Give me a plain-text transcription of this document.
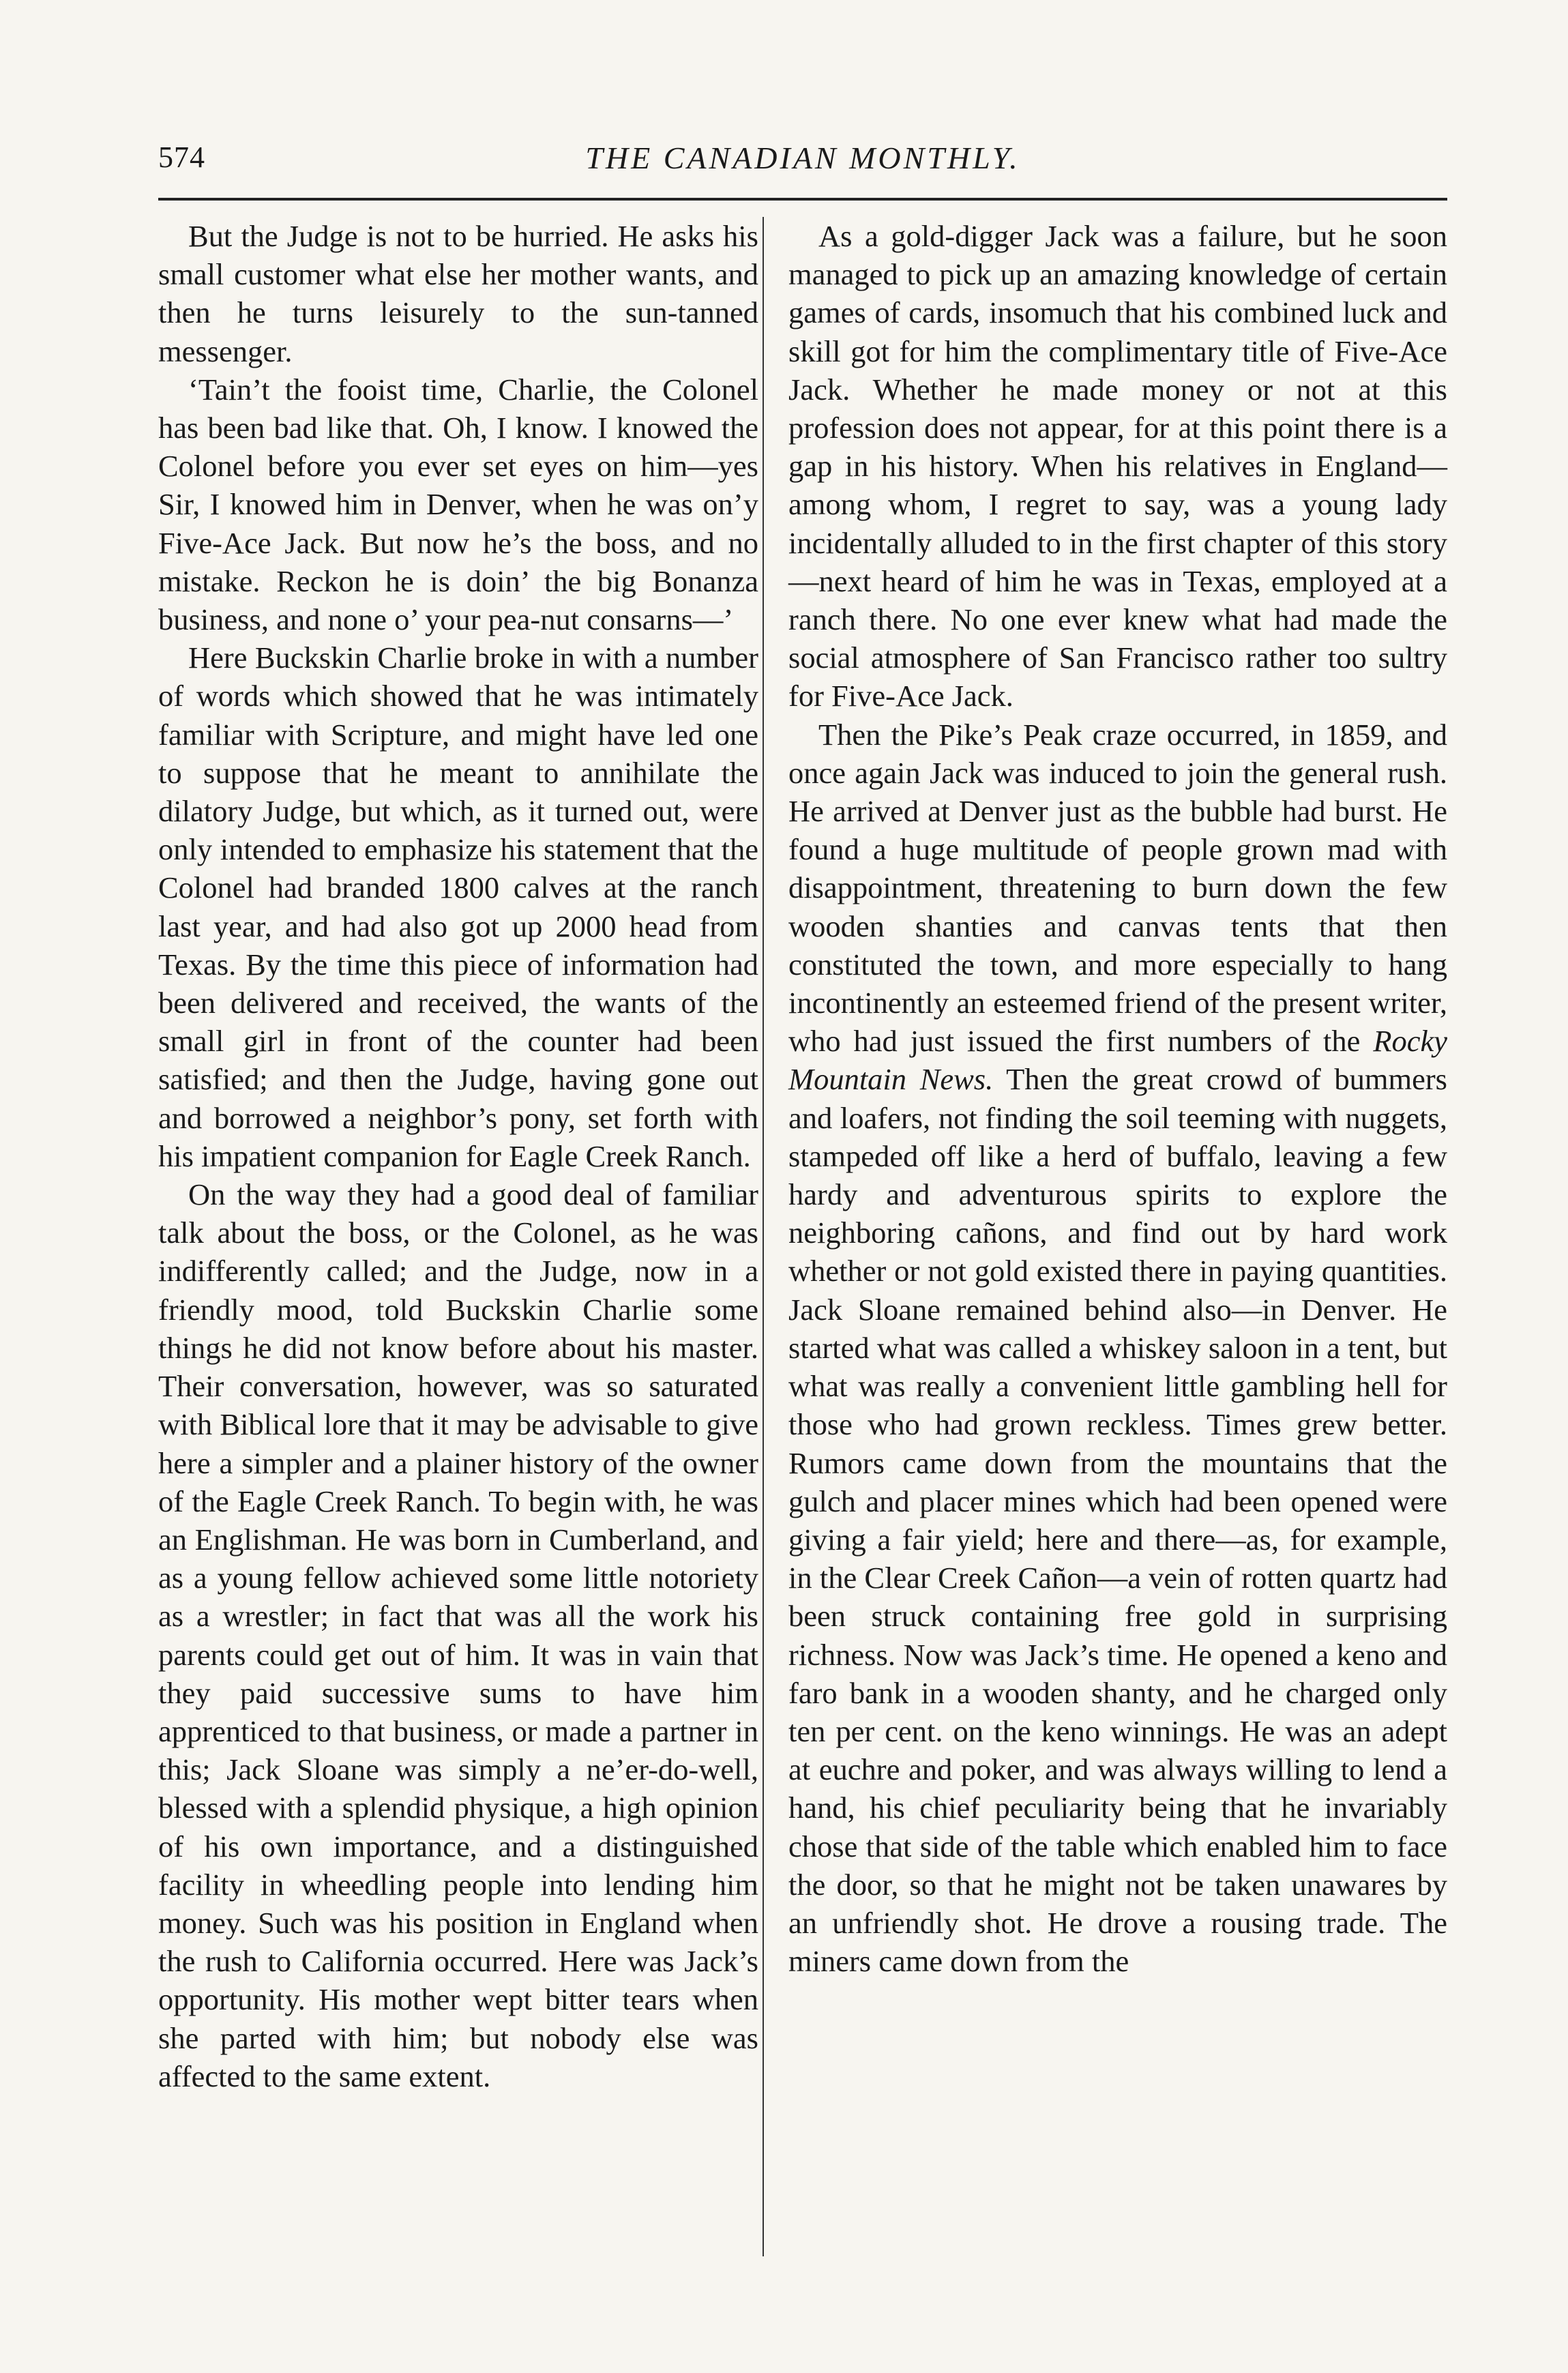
574	THE CANADIAN MONTHLY.

But the Judge is not to be hurried. He asks his small customer what else her mother wants, and then he turns leisurely to the sun-tanned messenger.

‘Tain’t the fooist time, Charlie, the Colonel has been bad like that. Oh, I know. I knowed the Colonel before you ever set eyes on him—yes Sir, I knowed him in Denver, when he was on’y Five-Ace Jack. But now he’s the boss, and no mistake. Reckon he is doin’ the big Bonanza business, and none o’ your pea-nut consarns—’

Here Buckskin Charlie broke in with a number of words which showed that he was intimately familiar with Scripture, and might have led one to suppose that he meant to annihilate the dilatory Judge, but which, as it turned out, were only intended to emphasize his statement that the Colonel had branded 1800 calves at the ranch last year, and had also got up 2000 head from Texas. By the time this piece of information had been delivered and received, the wants of the small girl in front of the counter had been satisfied; and then the Judge, having gone out and borrowed a neighbor’s pony, set forth with his impatient companion for Eagle Creek Ranch.

On the way they had a good deal of familiar talk about the boss, or the Colonel, as he was indifferently called; and the Judge, now in a friendly mood, told Buckskin Charlie some things he did not know before about his master. Their conversation, however, was so saturated with Biblical lore that it may be advisable to give here a simpler and a plainer history of the owner of the Eagle Creek Ranch. To begin with, he was an Englishman. He was born in Cumberland, and as a young fellow achieved some little notoriety as a wrestler; in fact that was all the work his parents could get out of him. It was in vain that they paid successive sums to have him apprenticed to that business, or made a partner in this; Jack Sloane was simply a ne’er-do-well, blessed with a splendid physique, a high opinion of his own importance, and a distinguished facility in wheedling people into lending him money. Such was his position in England when the rush to California occurred. Here was Jack’s opportunity. His mother wept bitter tears when she parted with him; but nobody else was affected to the same extent.

As a gold-digger Jack was a failure, but he soon managed to pick up an amazing knowledge of certain games of cards, insomuch that his combined luck and skill got for him the complimentary title of Five-Ace Jack. Whether he made money or not at this profession does not appear, for at this point there is a gap in his history. When his relatives in England—among whom, I regret to say, was a young lady incidentally alluded to in the first chapter of this story —next heard of him he was in Texas, employed at a ranch there. No one ever knew what had made the social atmosphere of San Francisco rather too sultry for Five-Ace Jack.

Then the Pike’s Peak craze occurred, in 1859, and once again Jack was induced to join the general rush. He arrived at Denver just as the bubble had burst. He found a huge multitude of people grown mad with disappointment, threatening to burn down the few wooden shanties and canvas tents that then constituted the town, and more especially to hang incontinently an esteemed friend of the present writer, who had just issued the first numbers of the Rocky Mountain News. Then the great crowd of bummers and loafers, not finding the soil teeming with nuggets, stampeded off like a herd of buffalo, leaving a few hardy and adventurous spirits to explore the neighboring cañons, and find out by hard work whether or not gold existed there in paying quantities. Jack Sloane remained behind also—in Denver. He started what was called a whiskey saloon in a tent, but what was really a convenient little gambling hell for those who had grown reckless. Times grew better. Rumors came down from the mountains that the gulch and placer mines which had been opened were giving a fair yield; here and there—as, for example, in the Clear Creek Cañon—a vein of rotten quartz had been struck containing free gold in surprising richness. Now was Jack’s time. He opened a keno and faro bank in a wooden shanty, and he charged only ten per cent. on the keno winnings. He was an adept at euchre and poker, and was always willing to lend a hand, his chief peculiarity being that he invariably chose that side of the table which enabled him to face the door, so that he might not be taken unawares by an unfriendly shot. He drove a rousing trade. The miners came down from the
